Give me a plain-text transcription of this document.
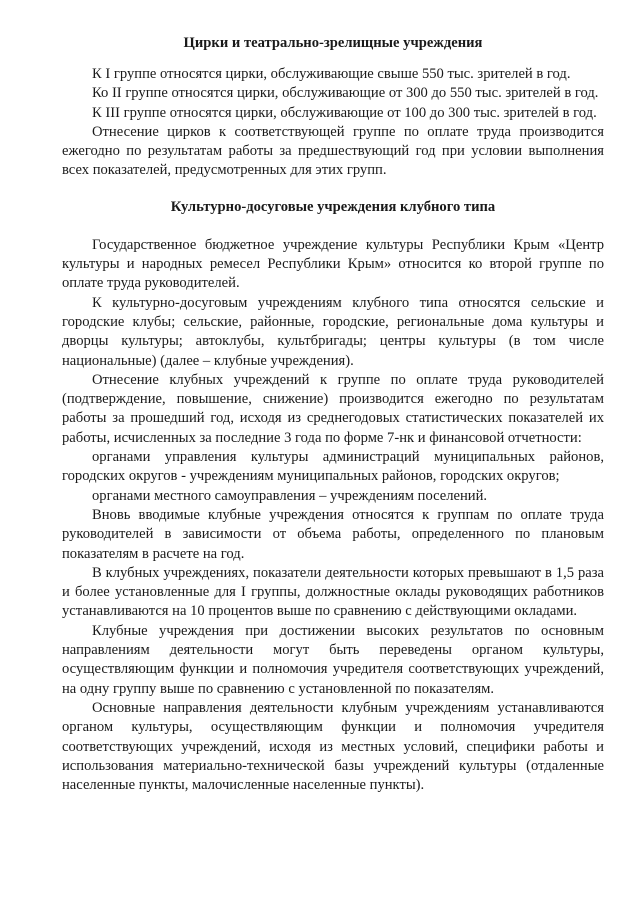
Цирки и театрально-зрелищные учреждения

К I группе относятся цирки, обслуживающие свыше 550 тыс. зрителей в год.

Ко II группе относятся цирки, обслуживающие от 300 до 550 тыс. зрителей в год.

К III группе относятся цирки, обслуживающие от 100 до 300 тыс. зрителей в год.

Отнесение цирков к соответствующей группе по оплате труда производится ежегодно по результатам работы за предшествующий год при условии выполнения всех показателей, предусмотренных для этих групп.

Культурно-досуговые учреждения клубного типа

Государственное бюджетное учреждение культуры Республики Крым «Центр культуры и народных ремесел Республики Крым» относится ко второй группе по оплате труда руководителей.

К культурно-досуговым учреждениям клубного типа относятся сельские и городские клубы; сельские, районные, городские, региональные дома культуры и дворцы культуры; автоклубы, культбригады; центры культуры (в том числе национальные) (далее – клубные учреждения).

Отнесение клубных учреждений к группе по оплате труда руководителей (подтверждение, повышение, снижение) производится ежегодно по результатам работы за прошедший год, исходя из среднегодовых статистических показателей их работы, исчисленных за последние 3 года по форме 7-нк и финансовой отчетности:

органами управления культуры администраций муниципальных районов, городских округов - учреждениям муниципальных районов, городских округов;

органами местного самоуправления – учреждениям поселений.

Вновь вводимые клубные учреждения относятся к группам по оплате труда руководителей в зависимости от объема работы, определенного по плановым показателям в расчете на год.

В клубных учреждениях, показатели деятельности которых превышают в 1,5 раза и более установленные для I группы, должностные оклады руководящих работников устанавливаются на 10 процентов выше по сравнению с действующими окладами.

Клубные учреждения при достижении высоких результатов по основным направлениям деятельности могут быть переведены органом культуры, осуществляющим функции и полномочия учредителя соответствующих учреждений, на одну группу выше по сравнению с установленной по показателям.

Основные направления деятельности клубным учреждениям устанавливаются органом культуры, осуществляющим функции и полномочия учредителя соответствующих учреждений, исходя из местных условий, специфики работы и использования материально-технической базы учреждений культуры (отдаленные населенные пункты, малочисленные населенные пункты).
